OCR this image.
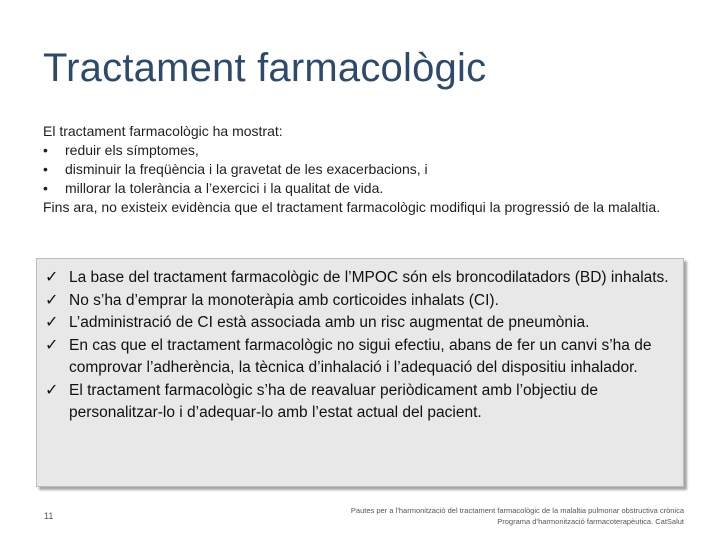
Tractament farmacològic

El tractament farmacològic ha mostrat:

•	reduir els símptomes,
•	disminuir la freqüència i la gravetat de les exacerbacions, i
•	millorar la tolerància a l’exercici i la qualitat de vida.

Fins ara, no existeix evidència que el tractament farmacològic modifiqui la progressió de la malaltia.

✓ La base del tractament farmacològic de l’MPOC són els broncodilatadors (BD) inhalats.
✓ No s’ha d’emprar la monoteràpia amb corticoides inhalats (CI).
✓ L’administració de CI està associada amb un risc augmentat de pneumònia.
✓ En cas que el tractament farmacològic no sigui efectiu, abans de fer un canvi s’ha de comprovar l’adherència, la tècnica d’inhalació i l’adequació del dispositiu inhalador.
✓ El tractament farmacològic s’ha de reavaluar periòdicament amb l’objectiu de personalitzar-lo i d’adequar-lo amb l’estat actual del pacient.
11
Pautes per a l’harmonització del tractament farmacològic de la malaltia pulmonar obstructiva crònica
Programa d’harmonització farmacoterapèutica. CatSalut
